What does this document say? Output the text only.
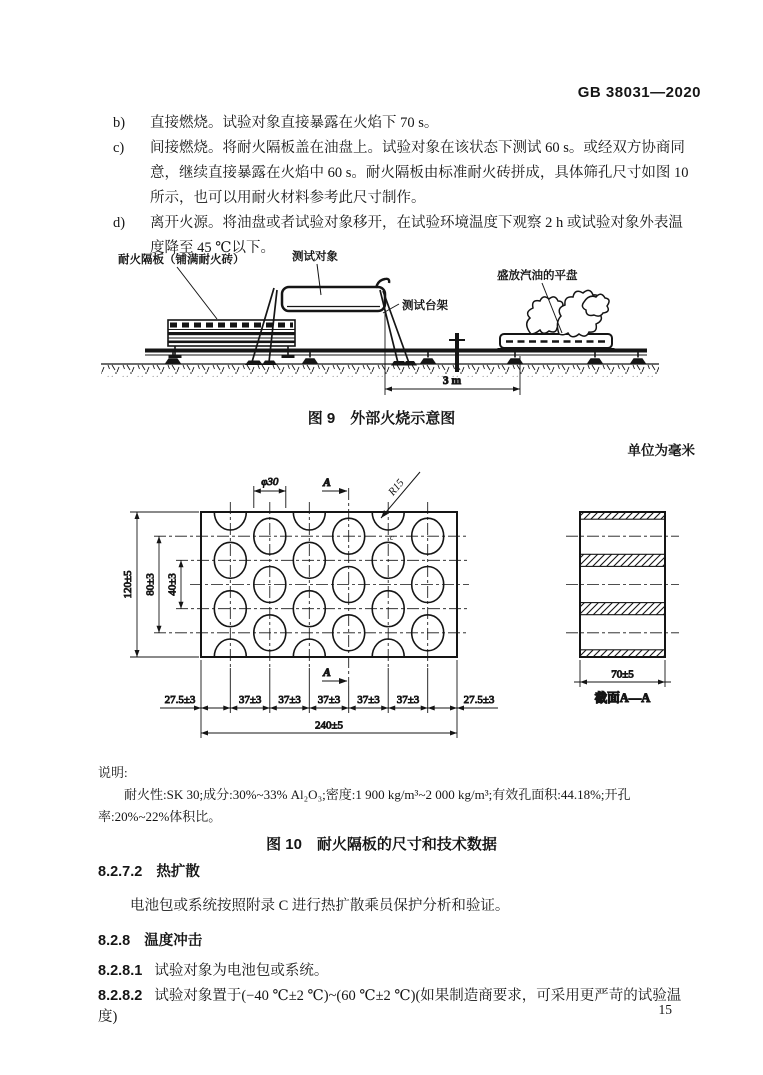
GB 38031—2020
b)	直接燃烧。试验对象直接暴露在火焰下 70 s。
c)	间接燃烧。将耐火隔板盖在油盘上。试验对象在该状态下测试 60 s。或经双方协商同意，继续直接暴露在火焰中 60 s。耐火隔板由标准耐火砖拼成，具体筛孔尺寸如图 10 所示，也可以用耐火材料参考此尺寸制作。
d)	离开火源。将油盘或者试验对象移开，在试验环境温度下观察 2 h 或试验对象外表温度降至 45 ℃以下。
耐火隔板（铺满耐火砖）	测试对象
测试台架
盛放汽油的平盘
3 m
图 9　外部火烧示意图
单位为毫米
120±5 80±3 40±3
φ30	A
A
R15
c
27.5±3	37±3 37±3 37±3 37±3 37±3	27.5±3
240±5
70±5
截面A—A
说明:

耐火性:SK 30;成分:30%~33% Al₂O₃;密度:1 900 kg/m³~2 000 kg/m³;有效孔面积:44.18%;开孔率:20%~22%体积比。

图 10　耐火隔板的尺寸和技术数据
8.2.7.2 热扩散
电池包或系统按照附录 C 进行热扩散乘员保护分析和验证。
8.2.8 温度冲击
8.2.8.1 试验对象为电池包或系统。
8.2.8.2 试验对象置于(−40 ℃±2 ℃)~(60 ℃±2 ℃)(如果制造商要求，可采用更严苛的试验温度)	15
